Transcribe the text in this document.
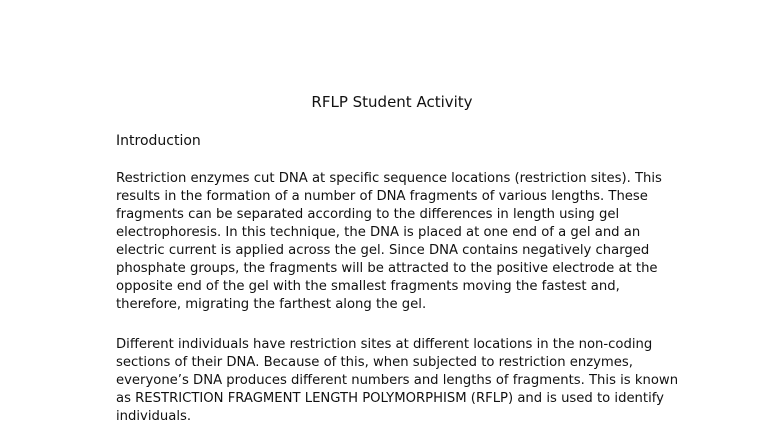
RFLP Student Activity
Introduction
Restriction enzymes cut DNA at specific sequence locations (restriction sites). This
results in the formation of a number of DNA fragments of various lengths. These
fragments can be separated according to the differences in length using gel
electrophoresis. In this technique, the DNA is placed at one end of a gel and an
electric current is applied across the gel. Since DNA contains negatively charged
phosphate groups, the fragments will be attracted to the positive electrode at the
opposite end of the gel with the smallest fragments moving the fastest and,
therefore, migrating the farthest along the gel.
Different individuals have restriction sites at different locations in the non-coding
sections of their DNA. Because of this, when subjected to restriction enzymes,
everyone’s DNA produces different numbers and lengths of fragments. This is known
as RESTRICTION FRAGMENT LENGTH POLYMORPHISM (RFLP) and is used to identify
individuals.
